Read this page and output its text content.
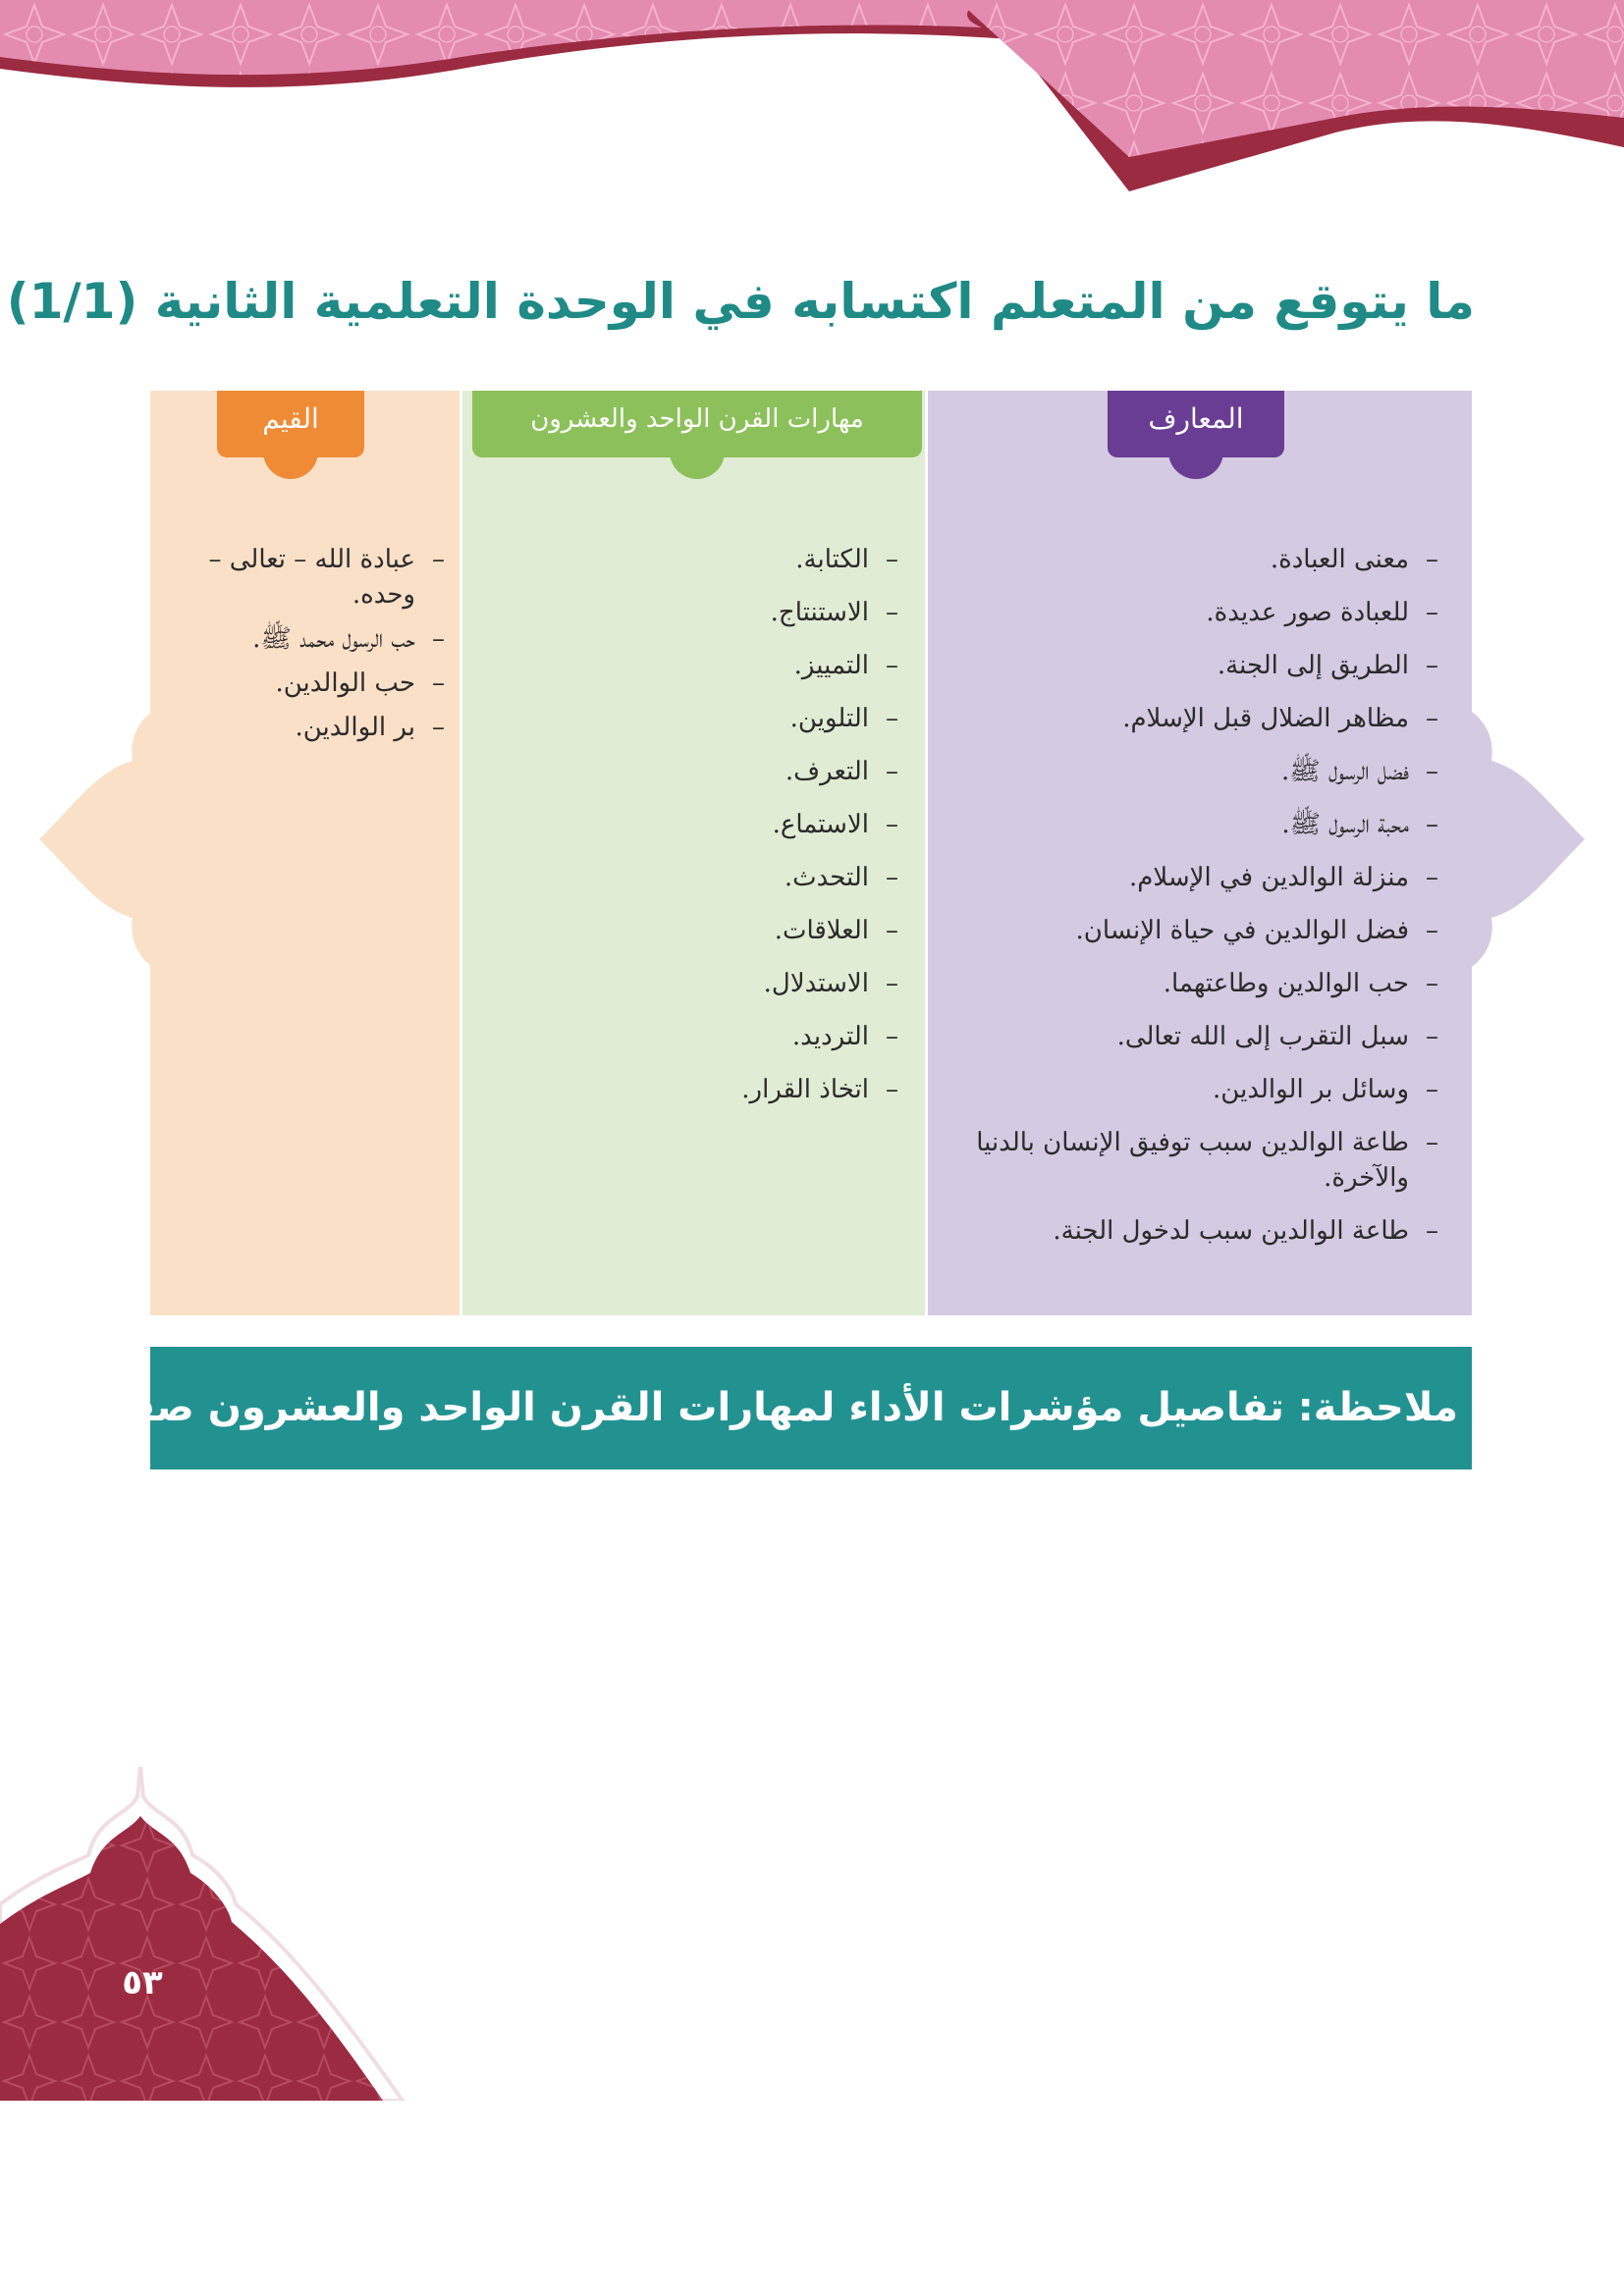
ما يتوقع من المتعلم اكتسابه في الوحدة التعلمية الثانية (1/1)
القيم	مهارات القرن الواحد والعشرون	المعارف
– عبادة الله – تعالى – وحده.
– حب الرسول محمد ﷺ.
– حب الوالدين.
– بر الوالدين.
– الكتابة.
– الاستنتاج.
– التمييز.
– التلوين.
– التعرف.
– الاستماع.
– التحدث.
– العلاقات.
– الاستدلال.
– الترديد.
– اتخاذ القرار.
– معنى العبادة.
– للعبادة صور عديدة.
– الطريق إلى الجنة.
– مظاهر الضلال قبل الإسلام.
– فضل الرسول ﷺ.
– محبة الرسول ﷺ.
– منزلة الوالدين في الإسلام.
– فضل الوالدين في حياة الإنسان.
– حب الوالدين وطاعتهما.
– سبل التقرب إلى الله تعالى.
– وسائل بر الوالدين.
– طاعة الوالدين سبب توفيق الإنسان بالدنيا والآخرة.
– طاعة الوالدين سبب لدخول الجنة.
ملاحظة: تفاصيل مؤشرات الأداء لمهارات القرن الواحد والعشرون صفحة ٨٣
٥٣
